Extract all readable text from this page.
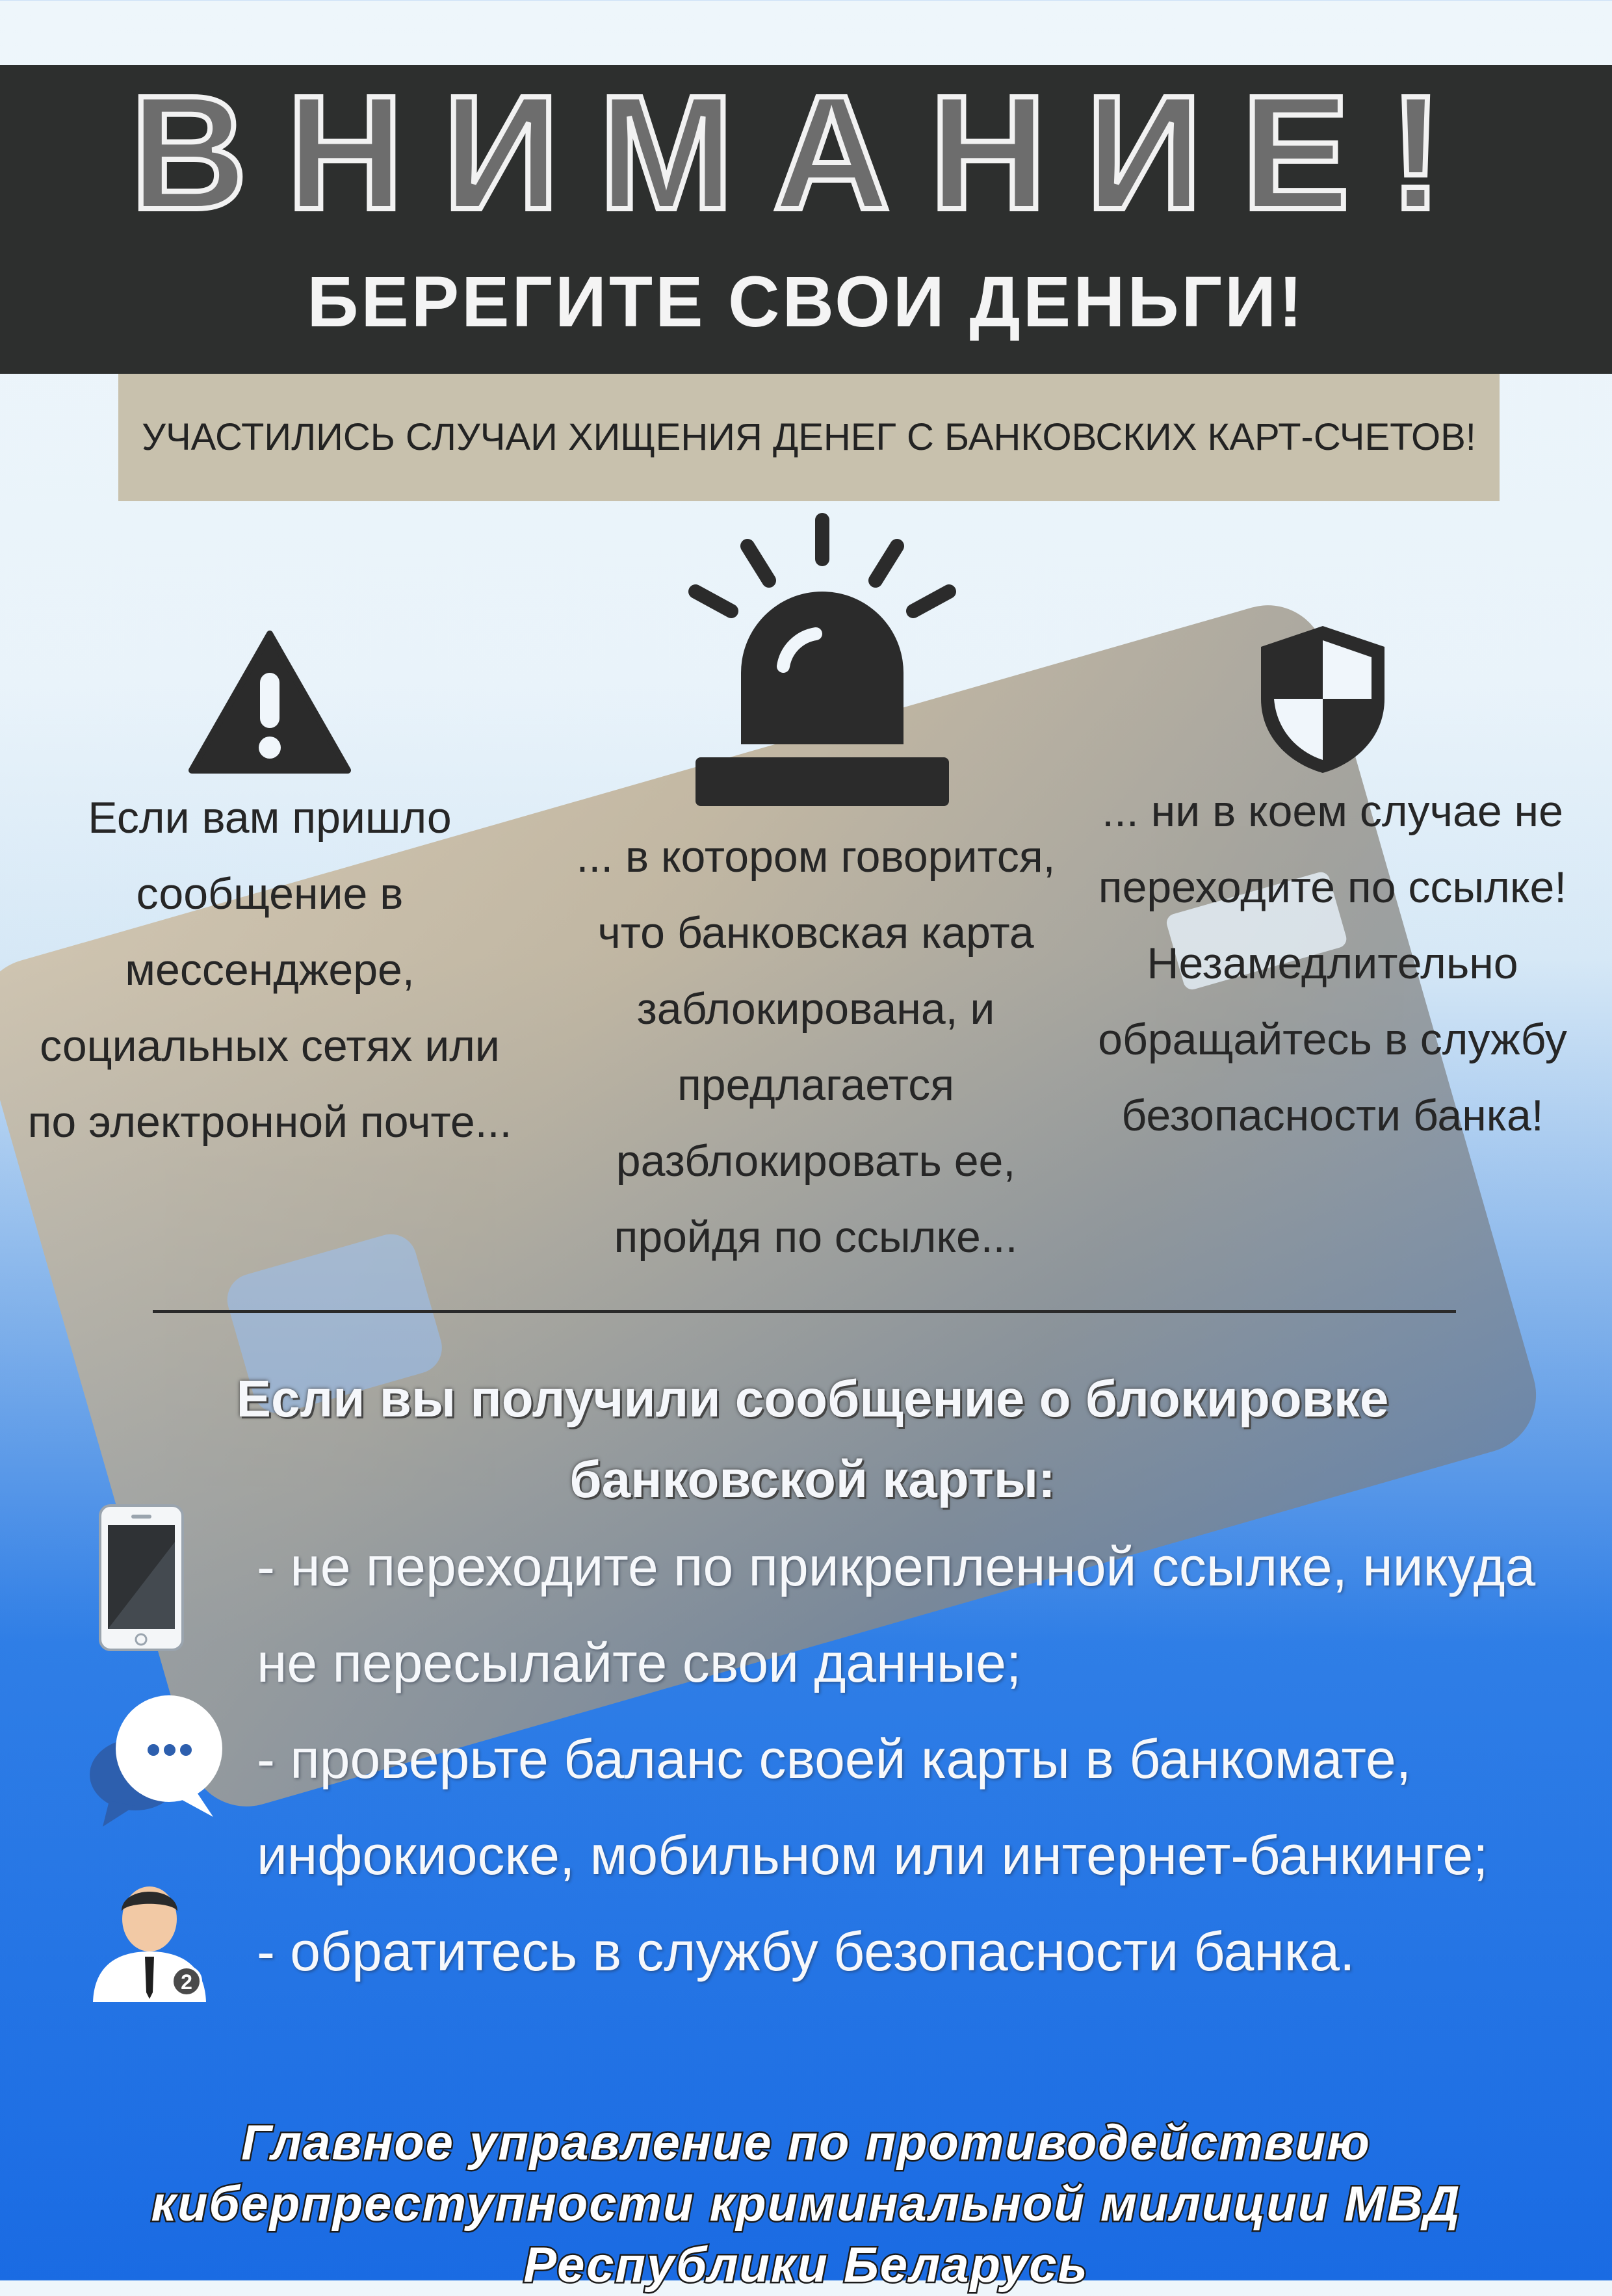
ВНИМАНИЕ!
БЕРЕГИТЕ СВОИ ДЕНЬГИ!
УЧАСТИЛИСЬ СЛУЧАИ ХИЩЕНИЯ ДЕНЕГ С БАНКОВСКИХ КАРТ-СЧЕТОВ!
Если вам пришло сообщение в мессенджере, социальных сетях или по электронной почте...
... в котором говорится, что банковская карта заблокирована, и предлагается разблокировать ее, пройдя по ссылке...
... ни в коем случае не переходите по ссылке! Незамедлительно обращайтесь в службу безопасности банка!
Если вы получили сообщение о блокировке банковской карты:
2
- не переходите по прикрепленной ссылке, никуда не пересылайте свои данные;
- проверьте баланс своей карты в банкомате, инфокиоске, мобильном или интернет-банкинге;
- обратитесь в службу безопасности банка.
Главное управление по противодействию киберпреступности криминальной милиции МВД Республики Беларусь
